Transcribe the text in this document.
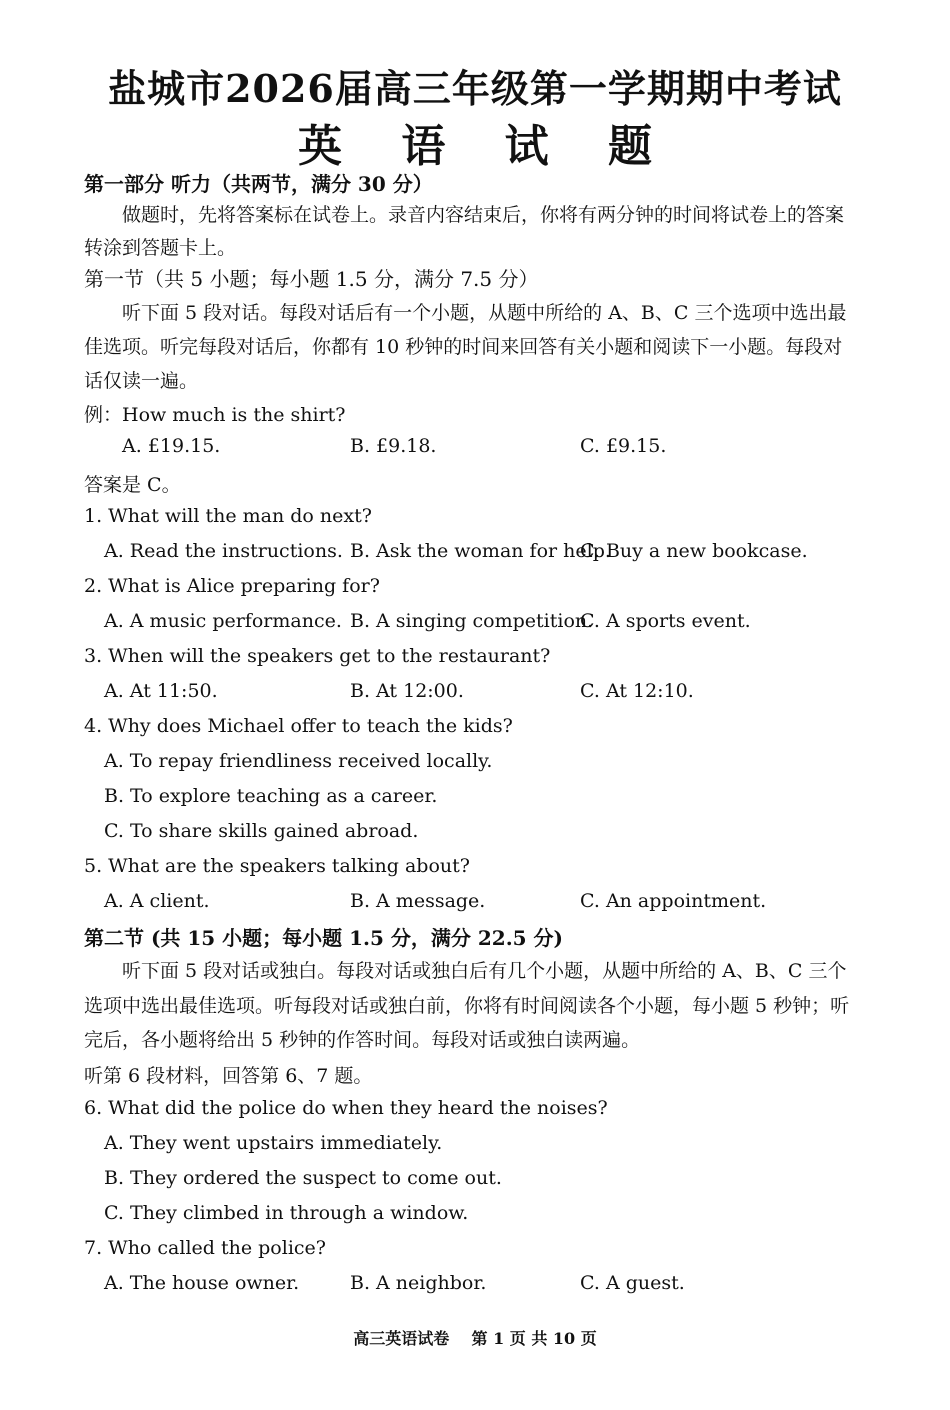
盐城市2026届高三年级第一学期期中考试
英 语 试 题
第一部分 听力（共两节，满分 30 分）
做题时，先将答案标在试卷上。录音内容结束后，你将有两分钟的时间将试卷上的答案
转涂到答题卡上。
第一节（共 5 小题；每小题 1.5 分，满分 7.5 分）
听下面 5 段对话。每段对话后有一个小题，从题中所给的 A、B、C 三个选项中选出最
佳选项。听完每段对话后，你都有 10 秒钟的时间来回答有关小题和阅读下一小题。每段对
话仅读一遍。
例：How much is the shirt?
A. £19.15.	B. £9.18.	C. £9.15.
答案是 C。
1. What will the man do next?
A. Read the instructions. B. Ask the woman for help.
C. Buy a new bookcase.
2. What is Alice preparing for?
A. A music performance. B. A singing competition.
C. A sports event.
3. When will the speakers get to the restaurant?
A. At 11:50.	B. At 12:00.	C. At 12:10.
4. Why does Michael offer to teach the kids?
A. To repay friendliness received locally.
B. To explore teaching as a career.
C. To share skills gained abroad.
5. What are the speakers talking about?
A. A client.	B. A message.	C. An appointment.
第二节 (共 15 小题；每小题 1.5 分，满分 22.5 分)
听下面 5 段对话或独白。每段对话或独白后有几个小题，从题中所给的 A、B、C 三个
选项中选出最佳选项。听每段对话或独白前，你将有时间阅读各个小题，每小题 5 秒钟；听
完后，各小题将给出 5 秒钟的作答时间。每段对话或独白读两遍。
听第 6 段材料，回答第 6、7 题。
6. What did the police do when they heard the noises?
A. They went upstairs immediately.
B. They ordered the suspect to come out.
C. They climbed in through a window.
7. Who called the police?
A. The house owner.	B. A neighbor.	C. A guest.
高三英语试卷    第 1 页 共 10 页
